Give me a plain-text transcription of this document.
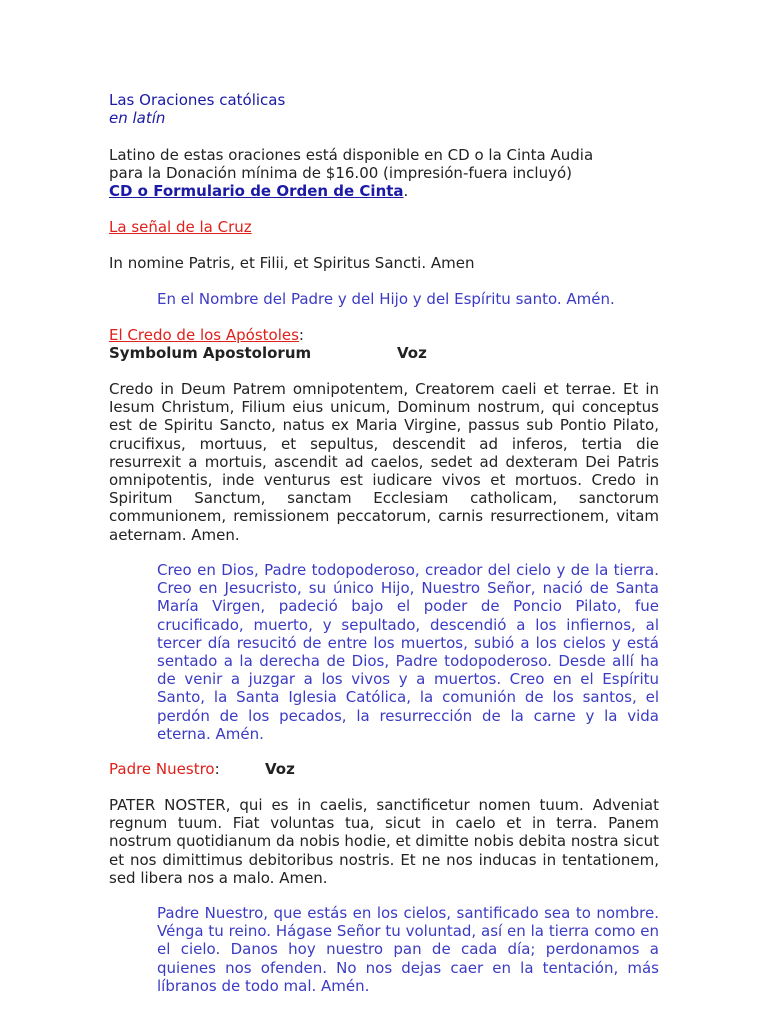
Las Oraciones católicas
en latín
Latino de estas oraciones está disponible en CD o la Cinta Audia
para la Donación mínima de $16.00 (impresión-fuera incluyó)
CD o Formulario de Orden de Cinta.
La señal de la Cruz
In nomine Patris, et Filii, et Spiritus Sancti. Amen
En el Nombre del Padre y del Hijo y del Espíritu santo. Amén.
El Credo de los Apóstoles:
Symbolum Apostolorum	Voz

Credo in Deum Patrem omnipotentem, Creatorem caeli et terrae. Et in Iesum Christum, Filium eius unicum, Dominum nostrum, qui conceptus est de Spiritu Sancto, natus ex Maria Virgine, passus sub Pontio Pilato, crucifixus, mortuus, et sepultus, descendit ad inferos, tertia die resurrexit a mortuis, ascendit ad caelos, sedet ad dexteram Dei Patris omnipotentis, inde venturus est iudicare vivos et mortuos. Credo in Spiritum Sanctum, sanctam Ecclesiam catholicam, sanctorum communionem, remissionem peccatorum, carnis resurrectionem, vitam aeternam. Amen.

Creo en Dios, Padre todopoderoso, creador del cielo y de la tierra. Creo en Jesucristo, su único Hijo, Nuestro Señor, nació de Santa María Virgen, padeció bajo el poder de Poncio Pilato, fue crucificado, muerto, y sepultado, descendió a los infiernos, al tercer día resucitó de entre los muertos, subió a los cielos y está sentado a la derecha de Dios, Padre todopoderoso. Desde allí ha de venir a juzgar a los vivos y a muertos. Creo en el Espíritu Santo, la Santa Iglesia Católica, la comunión de los santos, el perdón de los pecados, la resurrección de la carne y la vida eterna. Amén.

Padre Nuestro:	Voz

PATER NOSTER, qui es in caelis, sanctificetur nomen tuum. Adveniat regnum tuum. Fiat voluntas tua, sicut in caelo et in terra. Panem nostrum quotidianum da nobis hodie, et dimitte nobis debita nostra sicut et nos dimittimus debitoribus nostris. Et ne nos inducas in tentationem, sed libera nos a malo. Amen.

Padre Nuestro, que estás en los cielos, santificado sea to nombre. Vénga tu reino. Hágase Señor tu voluntad, así en la tierra como en el cielo. Danos hoy nuestro pan de cada día; perdonamos a quienes nos ofenden. No nos dejas caer en la tentación, más líbranos de todo mal. Amén.
